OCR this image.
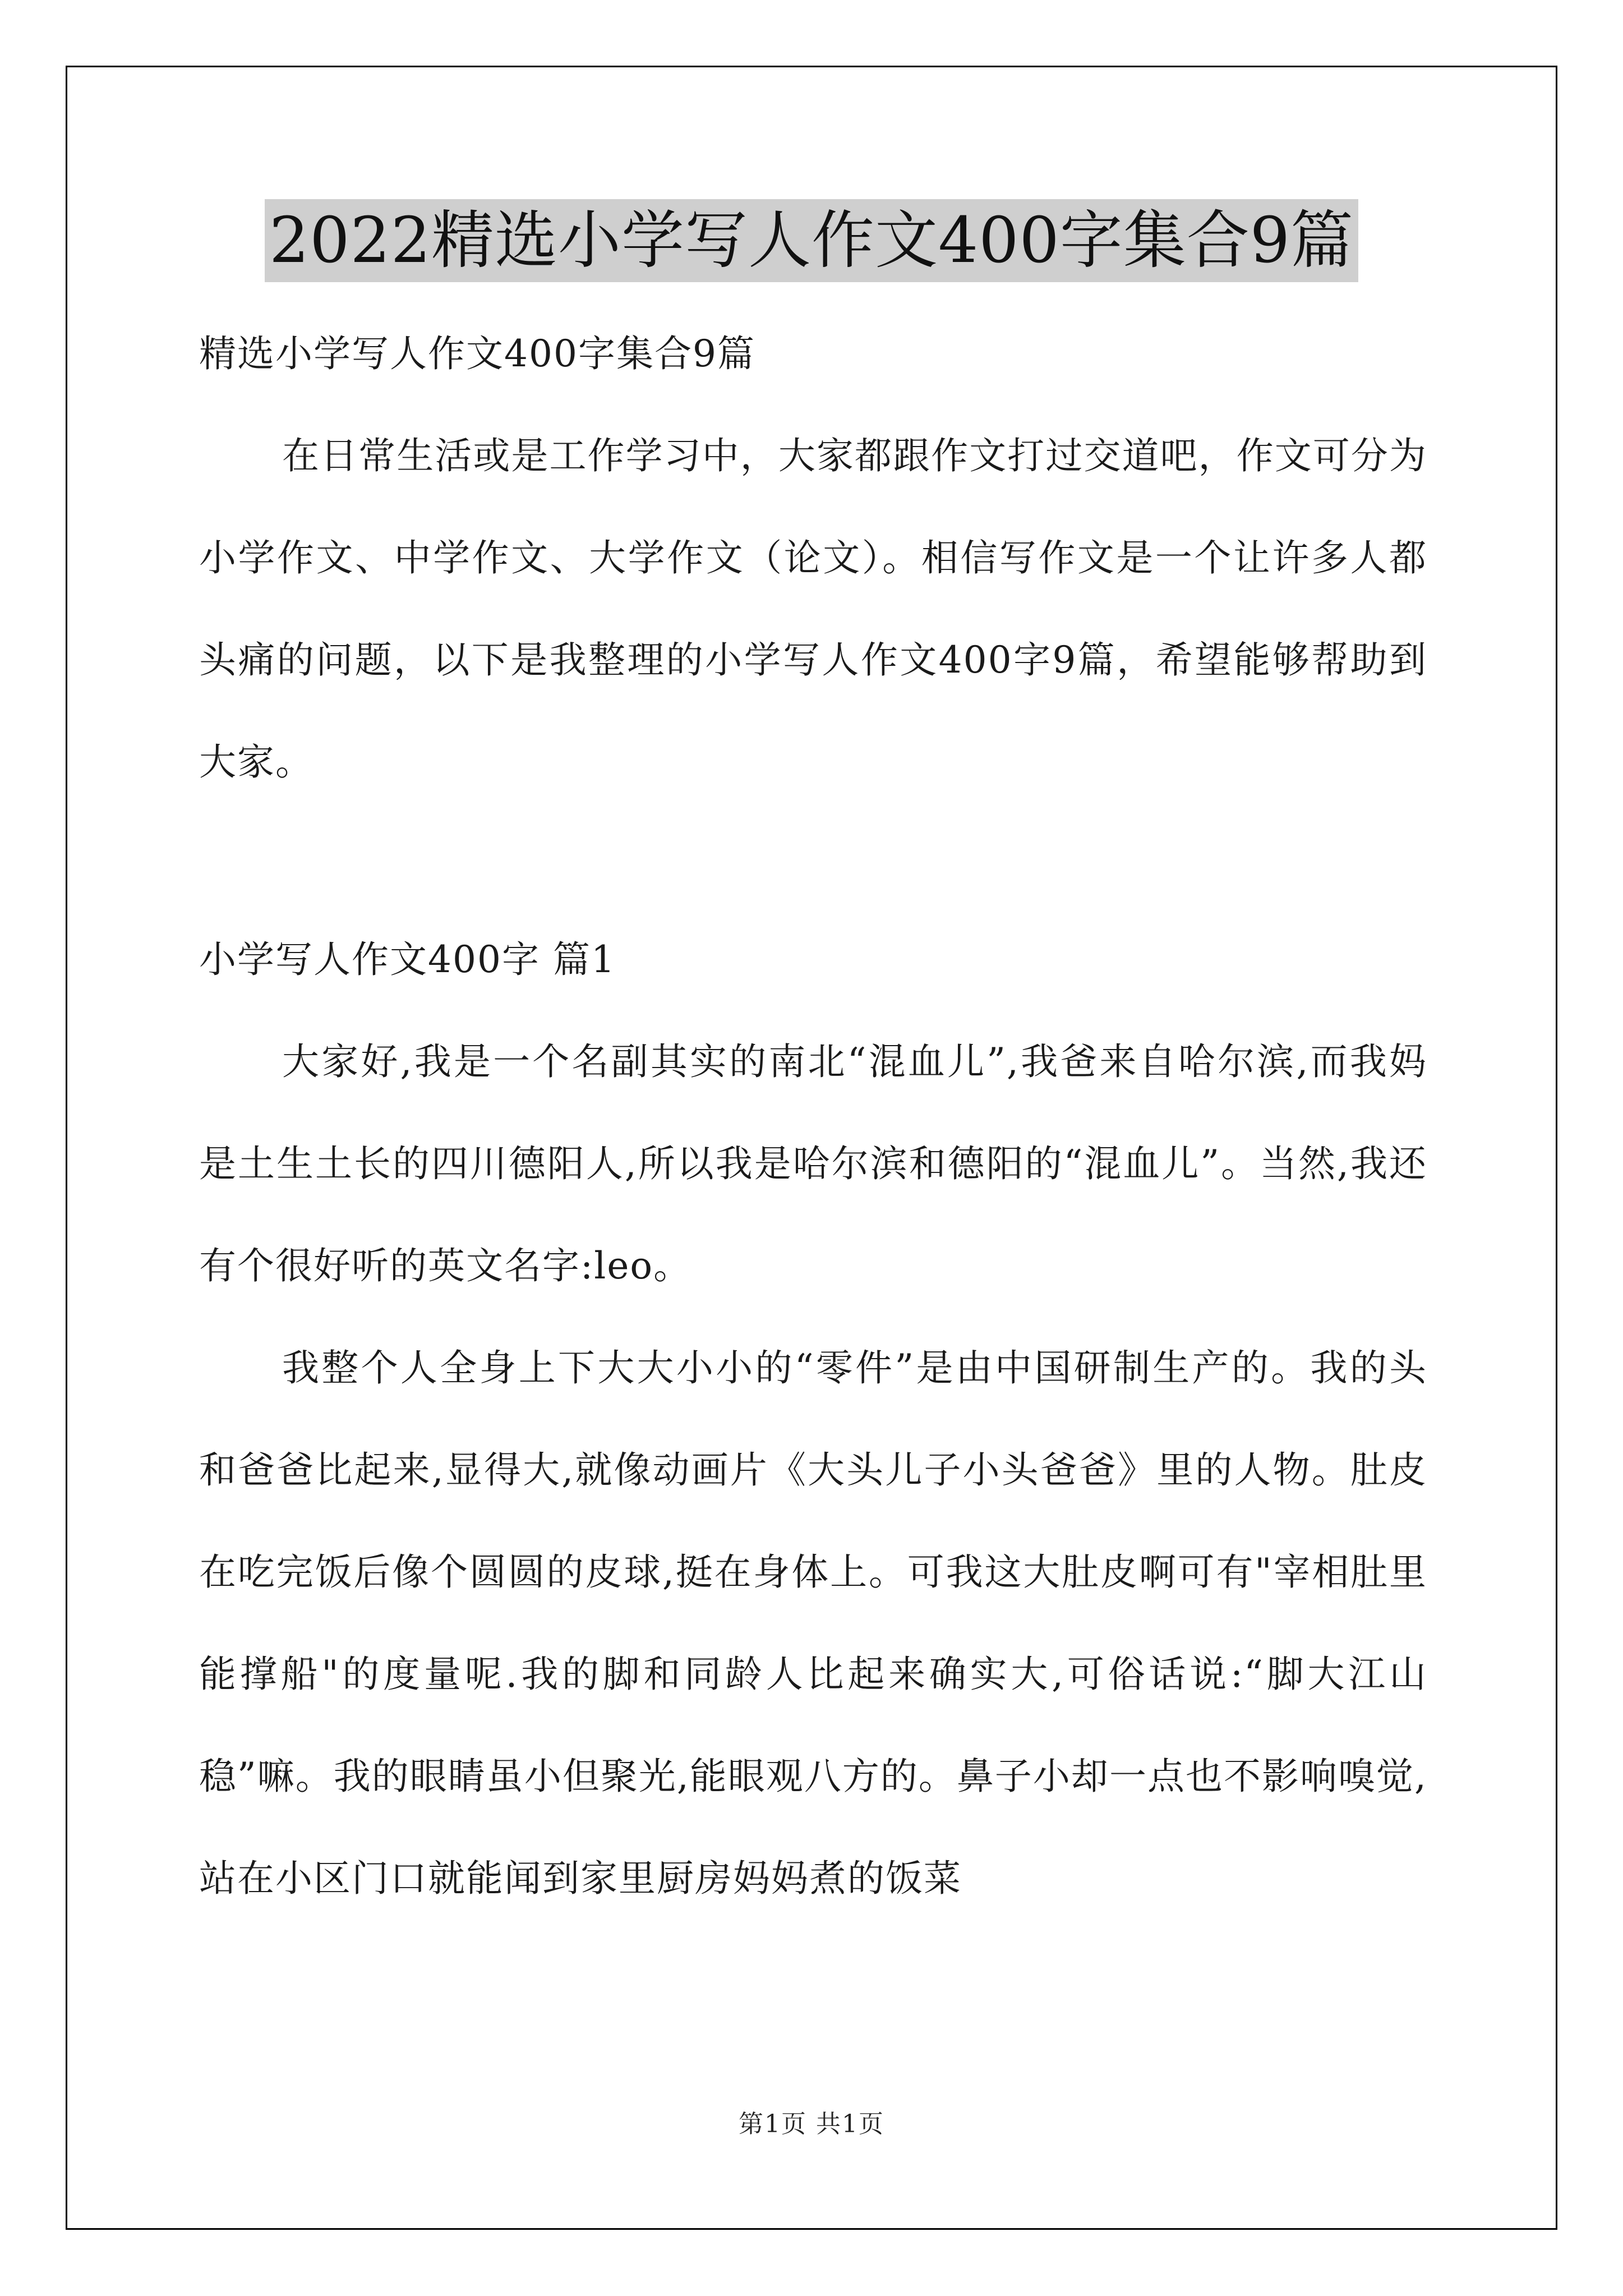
2022精选小学写人作文400字集合9篇

精选小学写人作文400字集合9篇

在日常生活或是工作学习中，大家都跟作文打过交道吧，作文可分为小学作文、中学作文、大学作文（论文）。相信写作文是一个让许多人都头痛的问题，以下是我整理的小学写人作文400字9篇，希望能够帮助到大家。

小学写人作文400字 篇1

大家好,我是一个名副其实的南北“混血儿”,我爸来自哈尔滨,而我妈是土生土长的四川德阳人,所以我是哈尔滨和德阳的“混血儿”。当然,我还有个很好听的英文名字:leo。

我整个人全身上下大大小小的“零件”是由中国研制生产的。我的头和爸爸比起来,显得大,就像动画片《大头儿子小头爸爸》里的人物。肚皮在吃完饭后像个圆圆的皮球,挺在身体上。可我这大肚皮啊可有"宰相肚里能撑船"的度量呢.我的脚和同龄人比起来确实大,可俗话说:“脚大江山稳”嘛。我的眼睛虽小但聚光,能眼观八方的。鼻子小却一点也不影响嗅觉,站在小区门口就能闻到家里厨房妈妈煮的饭菜

第1页 共1页
